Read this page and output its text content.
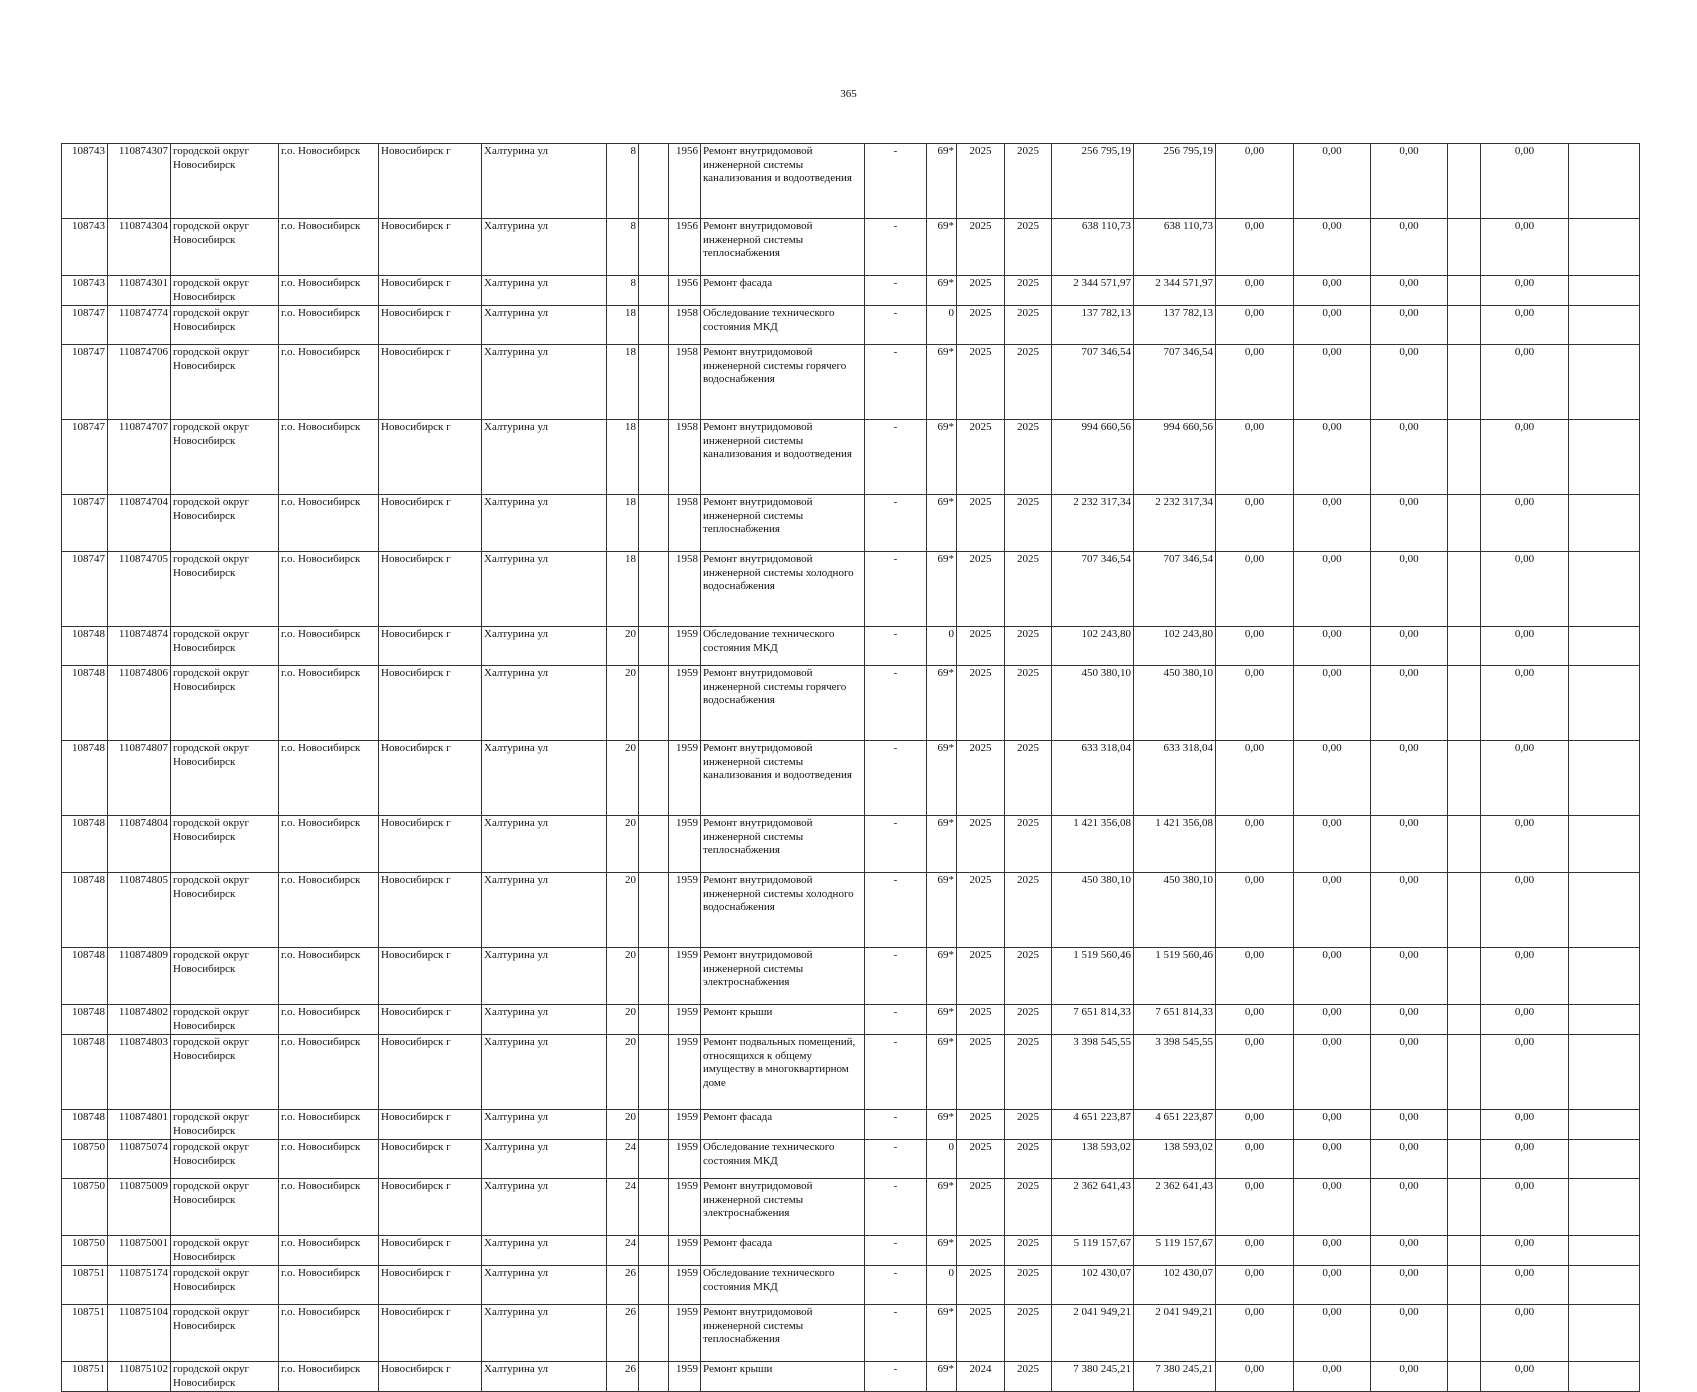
365
108743	110874307	городской округ Новосибирск	г.о. Новосибирск	Новосибирск г	Халтурина ул	8		1956	Ремонт внутридомовой инженерной системы канализования и водоотведения	-	69*	2025	2025	256 795,19	256 795,19	0,00	0,00	0,00		0,00	
108743	110874304	городской округ Новосибирск	г.о. Новосибирск	Новосибирск г	Халтурина ул	8		1956	Ремонт внутридомовой инженерной системы теплоснабжения	-	69*	2025	2025	638 110,73	638 110,73	0,00	0,00	0,00		0,00	
108743	110874301	городской округ Новосибирск	г.о. Новосибирск	Новосибирск г	Халтурина ул	8		1956	Ремонт фасада	-	69*	2025	2025	2 344 571,97	2 344 571,97	0,00	0,00	0,00		0,00	
108747	110874774	городской округ Новосибирск	г.о. Новосибирск	Новосибирск г	Халтурина ул	18		1958	Обследование технического состояния МКД	-	0	2025	2025	137 782,13	137 782,13	0,00	0,00	0,00		0,00	
108747	110874706	городской округ Новосибирск	г.о. Новосибирск	Новосибирск г	Халтурина ул	18		1958	Ремонт внутридомовой инженерной системы горячего водоснабжения	-	69*	2025	2025	707 346,54	707 346,54	0,00	0,00	0,00		0,00	
108747	110874707	городской округ Новосибирск	г.о. Новосибирск	Новосибирск г	Халтурина ул	18		1958	Ремонт внутридомовой инженерной системы канализования и водоотведения	-	69*	2025	2025	994 660,56	994 660,56	0,00	0,00	0,00		0,00	
108747	110874704	городской округ Новосибирск	г.о. Новосибирск	Новосибирск г	Халтурина ул	18		1958	Ремонт внутридомовой инженерной системы теплоснабжения	-	69*	2025	2025	2 232 317,34	2 232 317,34	0,00	0,00	0,00		0,00	
108747	110874705	городской округ Новосибирск	г.о. Новосибирск	Новосибирск г	Халтурина ул	18		1958	Ремонт внутридомовой инженерной системы холодного водоснабжения	-	69*	2025	2025	707 346,54	707 346,54	0,00	0,00	0,00		0,00	
108748	110874874	городской округ Новосибирск	г.о. Новосибирск	Новосибирск г	Халтурина ул	20		1959	Обследование технического состояния МКД	-	0	2025	2025	102 243,80	102 243,80	0,00	0,00	0,00		0,00	
108748	110874806	городской округ Новосибирск	г.о. Новосибирск	Новосибирск г	Халтурина ул	20		1959	Ремонт внутридомовой инженерной системы горячего водоснабжения	-	69*	2025	2025	450 380,10	450 380,10	0,00	0,00	0,00		0,00	
108748	110874807	городской округ Новосибирск	г.о. Новосибирск	Новосибирск г	Халтурина ул	20		1959	Ремонт внутридомовой инженерной системы канализования и водоотведения	-	69*	2025	2025	633 318,04	633 318,04	0,00	0,00	0,00		0,00	
108748	110874804	городской округ Новосибирск	г.о. Новосибирск	Новосибирск г	Халтурина ул	20		1959	Ремонт внутридомовой инженерной системы теплоснабжения	-	69*	2025	2025	1 421 356,08	1 421 356,08	0,00	0,00	0,00		0,00	
108748	110874805	городской округ Новосибирск	г.о. Новосибирск	Новосибирск г	Халтурина ул	20		1959	Ремонт внутридомовой инженерной системы холодного водоснабжения	-	69*	2025	2025	450 380,10	450 380,10	0,00	0,00	0,00		0,00	
108748	110874809	городской округ Новосибирск	г.о. Новосибирск	Новосибирск г	Халтурина ул	20		1959	Ремонт внутридомовой инженерной системы электроснабжения	-	69*	2025	2025	1 519 560,46	1 519 560,46	0,00	0,00	0,00		0,00	
108748	110874802	городской округ Новосибирск	г.о. Новосибирск	Новосибирск г	Халтурина ул	20		1959	Ремонт крыши	-	69*	2025	2025	7 651 814,33	7 651 814,33	0,00	0,00	0,00		0,00	
108748	110874803	городской округ Новосибирск	г.о. Новосибирск	Новосибирск г	Халтурина ул	20		1959	Ремонт подвальных помещений, относящихся к общему имуществу в многоквартирном доме	-	69*	2025	2025	3 398 545,55	3 398 545,55	0,00	0,00	0,00		0,00	
108748	110874801	городской округ Новосибирск	г.о. Новосибирск	Новосибирск г	Халтурина ул	20		1959	Ремонт фасада	-	69*	2025	2025	4 651 223,87	4 651 223,87	0,00	0,00	0,00		0,00	
108750	110875074	городской округ Новосибирск	г.о. Новосибирск	Новосибирск г	Халтурина ул	24		1959	Обследование технического состояния МКД	-	0	2025	2025	138 593,02	138 593,02	0,00	0,00	0,00		0,00	
108750	110875009	городской округ Новосибирск	г.о. Новосибирск	Новосибирск г	Халтурина ул	24		1959	Ремонт внутридомовой инженерной системы электроснабжения	-	69*	2025	2025	2 362 641,43	2 362 641,43	0,00	0,00	0,00		0,00	
108750	110875001	городской округ Новосибирск	г.о. Новосибирск	Новосибирск г	Халтурина ул	24		1959	Ремонт фасада	-	69*	2025	2025	5 119 157,67	5 119 157,67	0,00	0,00	0,00		0,00	
108751	110875174	городской округ Новосибирск	г.о. Новосибирск	Новосибирск г	Халтурина ул	26		1959	Обследование технического состояния МКД	-	0	2025	2025	102 430,07	102 430,07	0,00	0,00	0,00		0,00	
108751	110875104	городской округ Новосибирск	г.о. Новосибирск	Новосибирск г	Халтурина ул	26		1959	Ремонт внутридомовой инженерной системы теплоснабжения	-	69*	2025	2025	2 041 949,21	2 041 949,21	0,00	0,00	0,00		0,00	
108751	110875102	городской округ Новосибирск	г.о. Новосибирск	Новосибирск г	Халтурина ул	26		1959	Ремонт крыши	-	69*	2024	2025	7 380 245,21	7 380 245,21	0,00	0,00	0,00		0,00	
